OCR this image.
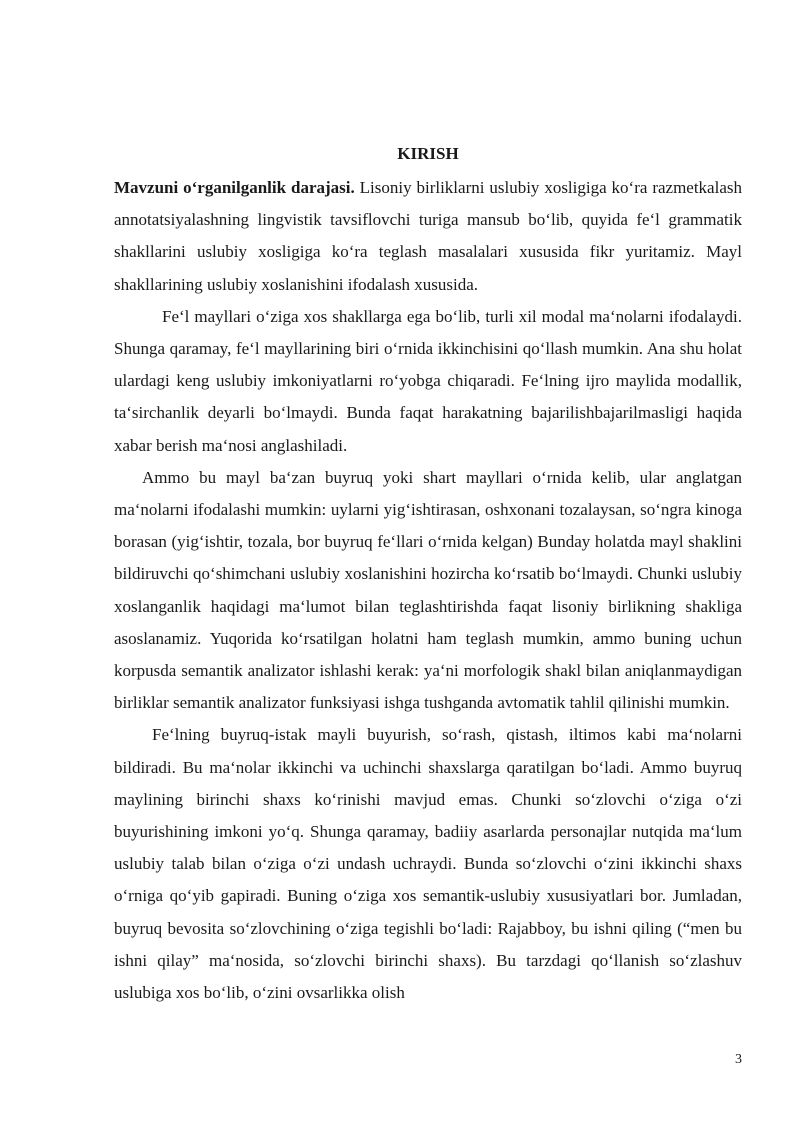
KIRISH

Mavzuni o‘rganilganlik darajasi. Lisoniy birliklarni uslubiy xosligiga ko‘ra razmetkalash annotatsiyalashning lingvistik tavsiflovchi turiga mansub bo‘lib, quyida fe‘l grammatik shakllarini uslubiy xosligiga ko‘ra teglash masalalari xususida fikr yuritamiz. Mayl shakllarining uslubiy xoslanishini ifodalash xususida.

Fe‘l mayllari o‘ziga xos shakllarga ega bo‘lib, turli xil modal ma‘nolarni ifodalaydi. Shunga qaramay, fe‘l mayllarining biri o‘rnida ikkinchisini qo‘llash mumkin. Ana shu holat ulardagi keng uslubiy imkoniyatlarni ro‘yobga chiqaradi. Fe‘lning ijro maylida modallik, ta‘sirchanlik deyarli bo‘lmaydi. Bunda faqat harakatning bajarilishbajarilmasligi haqida xabar berish ma‘nosi anglashiladi.

Ammo bu mayl ba‘zan buyruq yoki shart mayllari o‘rnida kelib, ular anglatgan ma‘nolarni ifodalashi mumkin: uylarni yig‘ishtirasan, oshxonani tozalaysan, so‘ngra kinoga borasan (yig‘ishtir, tozala, bor buyruq fe‘llari o‘rnida kelgan) Bunday holatda mayl shaklini bildiruvchi qo‘shimchani uslubiy xoslanishini hozircha ko‘rsatib bo‘lmaydi. Chunki uslubiy xoslanganlik haqidagi ma‘lumot bilan teglashtirishda faqat lisoniy birlikning shakliga asoslanamiz. Yuqorida ko‘rsatilgan holatni ham teglash mumkin, ammo buning uchun korpusda semantik analizator ishlashi kerak: ya‘ni morfologik shakl bilan aniqlanmaydigan birliklar semantik analizator funksiyasi ishga tushganda avtomatik tahlil qilinishi mumkin.

Fe‘lning buyruq-istak mayli buyurish, so‘rash, qistash, iltimos kabi ma‘nolarni bildiradi. Bu ma‘nolar ikkinchi va uchinchi shaxslarga qaratilgan bo‘ladi. Ammo buyruq maylining birinchi shaxs ko‘rinishi mavjud emas. Chunki so‘zlovchi o‘ziga o‘zi buyurishining imkoni yo‘q. Shunga qaramay, badiiy asarlarda personajlar nutqida ma‘lum uslubiy talab bilan o‘ziga o‘zi undash uchraydi. Bunda so‘zlovchi o‘zini ikkinchi shaxs o‘rniga qo‘yib gapiradi. Buning o‘ziga xos semantik-uslubiy xususiyatlari bor. Jumladan, buyruq bevosita so‘zlovchining o‘ziga tegishli bo‘ladi: Rajabboy, bu ishni qiling (“men bu ishni qilay” ma‘nosida, so‘zlovchi birinchi shaxs). Bu tarzdagi qo‘llanish so‘zlashuv uslubiga xos bo‘lib, o‘zini ovsarlikka olish

3
